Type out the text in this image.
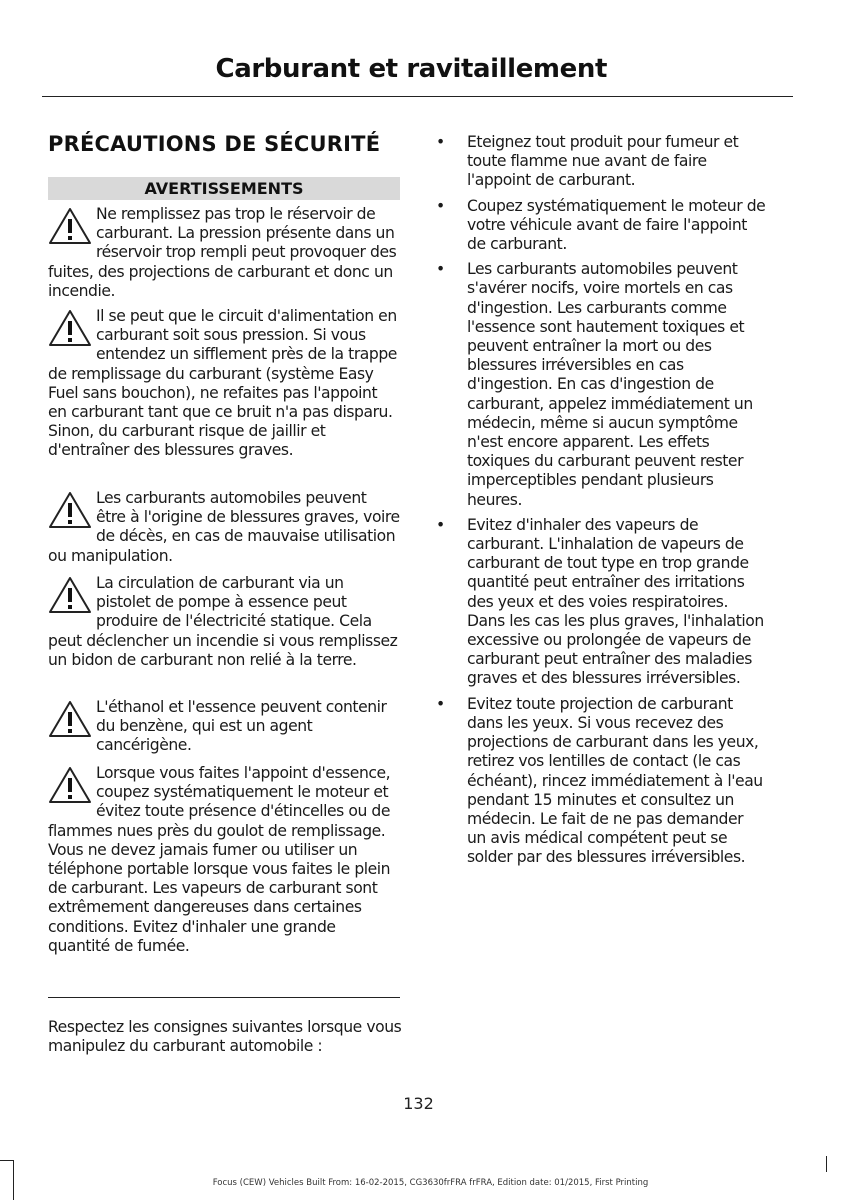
Carburant et ravitaillement
PRÉCAUTIONS DE SÉCURITÉ
AVERTISSEMENTS

Ne remplissez pas trop le réservoir de carburant. La pression présente dans un réservoir trop rempli peut provoquer des fuites, des projections de carburant et donc un incendie.

Il se peut que le circuit d'alimentation en carburant soit sous pression. Si vous entendez un sifflement près de la trappe de remplissage du carburant (système Easy Fuel sans bouchon), ne refaites pas l'appoint en carburant tant que ce bruit n'a pas disparu. Sinon, du carburant risque de jaillir et d'entraîner des blessures graves.

Les carburants automobiles peuvent être à l'origine de blessures graves, voire de décès, en cas de mauvaise utilisation ou manipulation.

La circulation de carburant via un pistolet de pompe à essence peut produire de l'électricité statique. Cela peut déclencher un incendie si vous remplissez un bidon de carburant non relié à la terre.

L'éthanol et l'essence peuvent contenir du benzène, qui est un agent cancérigène.

Lorsque vous faites l'appoint d'essence, coupez systématiquement le moteur et évitez toute présence d'étincelles ou de flammes nues près du goulot de remplissage. Vous ne devez jamais fumer ou utiliser un téléphone portable lorsque vous faites le plein de carburant. Les vapeurs de carburant sont extrêmement dangereuses dans certaines conditions. Evitez d'inhaler une grande quantité de fumée.

Respectez les consignes suivantes lorsque vous manipulez du carburant automobile :

• Eteignez tout produit pour fumeur et toute flamme nue avant de faire l'appoint de carburant.
• Coupez systématiquement le moteur de votre véhicule avant de faire l'appoint de carburant.
• Les carburants automobiles peuvent s'avérer nocifs, voire mortels en cas d'ingestion. Les carburants comme l'essence sont hautement toxiques et peuvent entraîner la mort ou des blessures irréversibles en cas d'ingestion. En cas d'ingestion de carburant, appelez immédiatement un médecin, même si aucun symptôme n'est encore apparent. Les effets toxiques du carburant peuvent rester imperceptibles pendant plusieurs heures.
• Evitez d'inhaler des vapeurs de carburant. L'inhalation de vapeurs de carburant de tout type en trop grande quantité peut entraîner des irritations des yeux et des voies respiratoires. Dans les cas les plus graves, l'inhalation excessive ou prolongée de vapeurs de carburant peut entraîner des maladies graves et des blessures irréversibles.
• Evitez toute projection de carburant dans les yeux. Si vous recevez des projections de carburant dans les yeux, retirez vos lentilles de contact (le cas échéant), rincez immédiatement à l'eau pendant 15 minutes et consultez un médecin. Le fait de ne pas demander un avis médical compétent peut se solder par des blessures irréversibles.
132
Focus (CEW) Vehicles Built From: 16-02-2015, CG3630frFRA frFRA, Edition date: 01/2015, First Printing
